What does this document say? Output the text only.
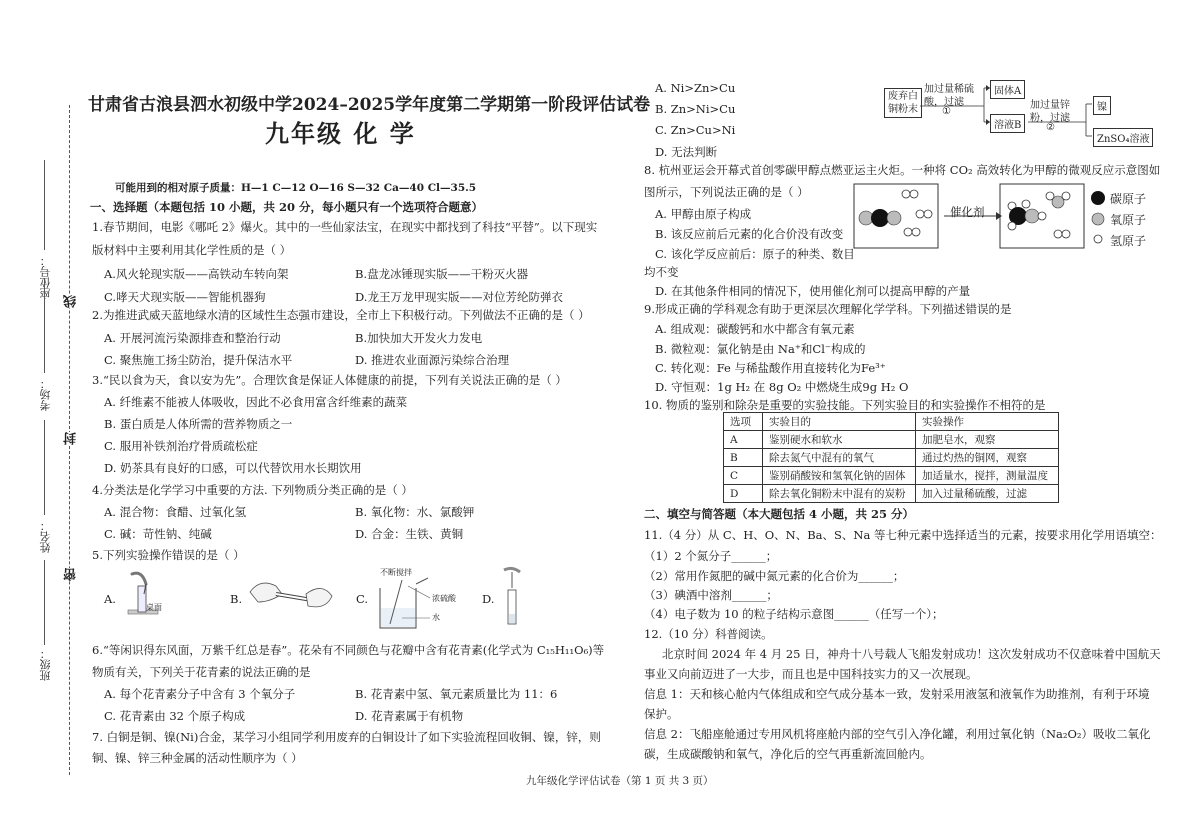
座位号：
线
考场：
封
姓名：
密
班级：
甘肃省古浪县泗水初级中学2024–2025学年度第二学期第一阶段评估试卷
九年级 化 学
可能用到的相对原子质量：H—1 C—12 O—16 S—32 Ca—40 Cl—35.5
一、选择题（本题包括 10 小题，共 20 分，每小题只有一个选项符合题意）
1.春节期间，电影《哪吒 2》爆火。其中的一些仙家法宝，在现实中都找到了科技“平替”。以下现实
版材料中主要利用其化学性质的是（ ）
A.风火轮现实版——高铁动车转向架	B.盘龙冰锤现实版——干粉灭火器
C.哮天犬现实版——智能机器狗	D.龙王万龙甲现实版——对位芳纶防弹衣
2.为推进武威天蓝地绿水清的区域性生态强市建设，全市上下积极行动。下列做法不正确的是（ ）
A. 开展河流污染源排查和整治行动	B.加快加大开发火力发电
C. 聚焦施工扬尘防治，提升保洁水平	D. 推进农业面源污染综合治理
3.“民以食为天，食以安为先”。合理饮食是保证人体健康的前提，下列有关说法正确的是（ ）
A. 纤维素不能被人体吸收，因此不必食用富含纤维素的蔬菜
B. 蛋白质是人体所需的营养物质之一
C. 服用补铁剂治疗骨质疏松症
D. 奶茶具有良好的口感，可以代替饮用水长期饮用
4.分类法是化学学习中重要的方法. 下列物质分类正确的是（ ）
A. 混合物：食醋、过氧化氢	B. 氧化物：水、氯酸钾
C. 碱：苛性钠、纯碱	D. 合金：生铁、黄铜
5.下列实验操作错误的是（ ）
A.
桌面
B.	C.
不断搅拌
浓硫酸
水
D.
6.“等闲识得东风面，万紫千红总是春”。花朵有不同颜色与花瓣中含有花青素(化学式为 C₁₅H₁₁O₆)等
物质有关，下列关于花青素的说法正确的是
A. 每个花青素分子中含有 3 个氧分子	B. 花青素中氢、氧元素质量比为 11：6
C. 花青素由 32 个原子构成	D. 花青素属于有机物
7. 白铜是铜、镍(Ni)合金，某学习小组同学利用废弃的白铜设计了如下实验流程回收铜、镍，锌，则
铜、镍、锌三种金属的活动性顺序为（ ）
A. Ni>Zn>Cu
B. Zn>Ni>Cu
C. Zn>Cu>Ni
D. 无法判断
废弃白
铜粉末
加过量稀硫
酸，过滤
①
固体A
溶液B
加过量锌
粉，过滤
②
镍
ZnSO₄溶液
8. 杭州亚运会开幕式首创零碳甲醇点燃亚运主火炬。一种将 CO₂ 高效转化为甲醇的微观反应示意图如
图所示，下列说法正确的是（ ）
A. 甲醇由原子构成
B. 该反应前后元素的化合价没有改变
C. 该化学反应前后：原子的种类、数目
均不变
D. 在其他条件相同的情况下，使用催化剂可以提高甲醇的产量
催化剂
碳原子
氧原子
氢原子
9.形成正确的学科观念有助于更深层次理解化学学科。下列描述错误的是
A. 组成观：碳酸钙和水中都含有氧元素
B. 微粒观：氯化钠是由 Na⁺和Cl⁻构成的
C. 转化观：Fe 与稀盐酸作用直接转化为Fe³⁺
D. 守恒观：1g H₂ 在 8g O₂ 中燃烧生成9g H₂ O
10. 物质的鉴别和除杂是重要的实验技能。下列实验目的和实验操作不相符的是
选项	实验目的	实验操作
A	鉴别硬水和软水	加肥皂水，观察
B	除去氮气中混有的氧气	通过灼热的铜网，观察
C	鉴别硝酸铵和氢氧化钠的固体	加适量水，搅拌，测量温度
D	除去氧化铜粉末中混有的炭粉	加入过量稀硫酸，过滤
二、填空与简答题（本大题包括 4 小题，共 25 分）
11.（4 分）从 C、H、O、N、Ba、S、Na 等七种元素中选择适当的元素，按要求用化学用语填空：
（1）2 个氮分子______；
（2）常用作氮肥的碱中氮元素的化合价为______；
（3）碘酒中溶剂______；
（4）电子数为 10 的粒子结构示意图______（任写一个）；
12.（10 分）科普阅读。
北京时间 2024 年 4 月 25 日，神舟十八号载人飞船发射成功！这次发射成功不仅意味着中国航天
事业又向前迈进了一大步，而且也是中国科技实力的又一次展现。
信息 1：天和核心舱内气体组成和空气成分基本一致，发射采用液氢和液氧作为助推剂，有利于环境
保护。
信息 2：飞船座舱通过专用风机将座舱内部的空气引入净化罐，利用过氧化钠（Na₂O₂）吸收二氧化
碳，生成碳酸钠和氧气，净化后的空气再重新流回舱内。
九年级化学评估试卷（第 1 页 共 3 页）
